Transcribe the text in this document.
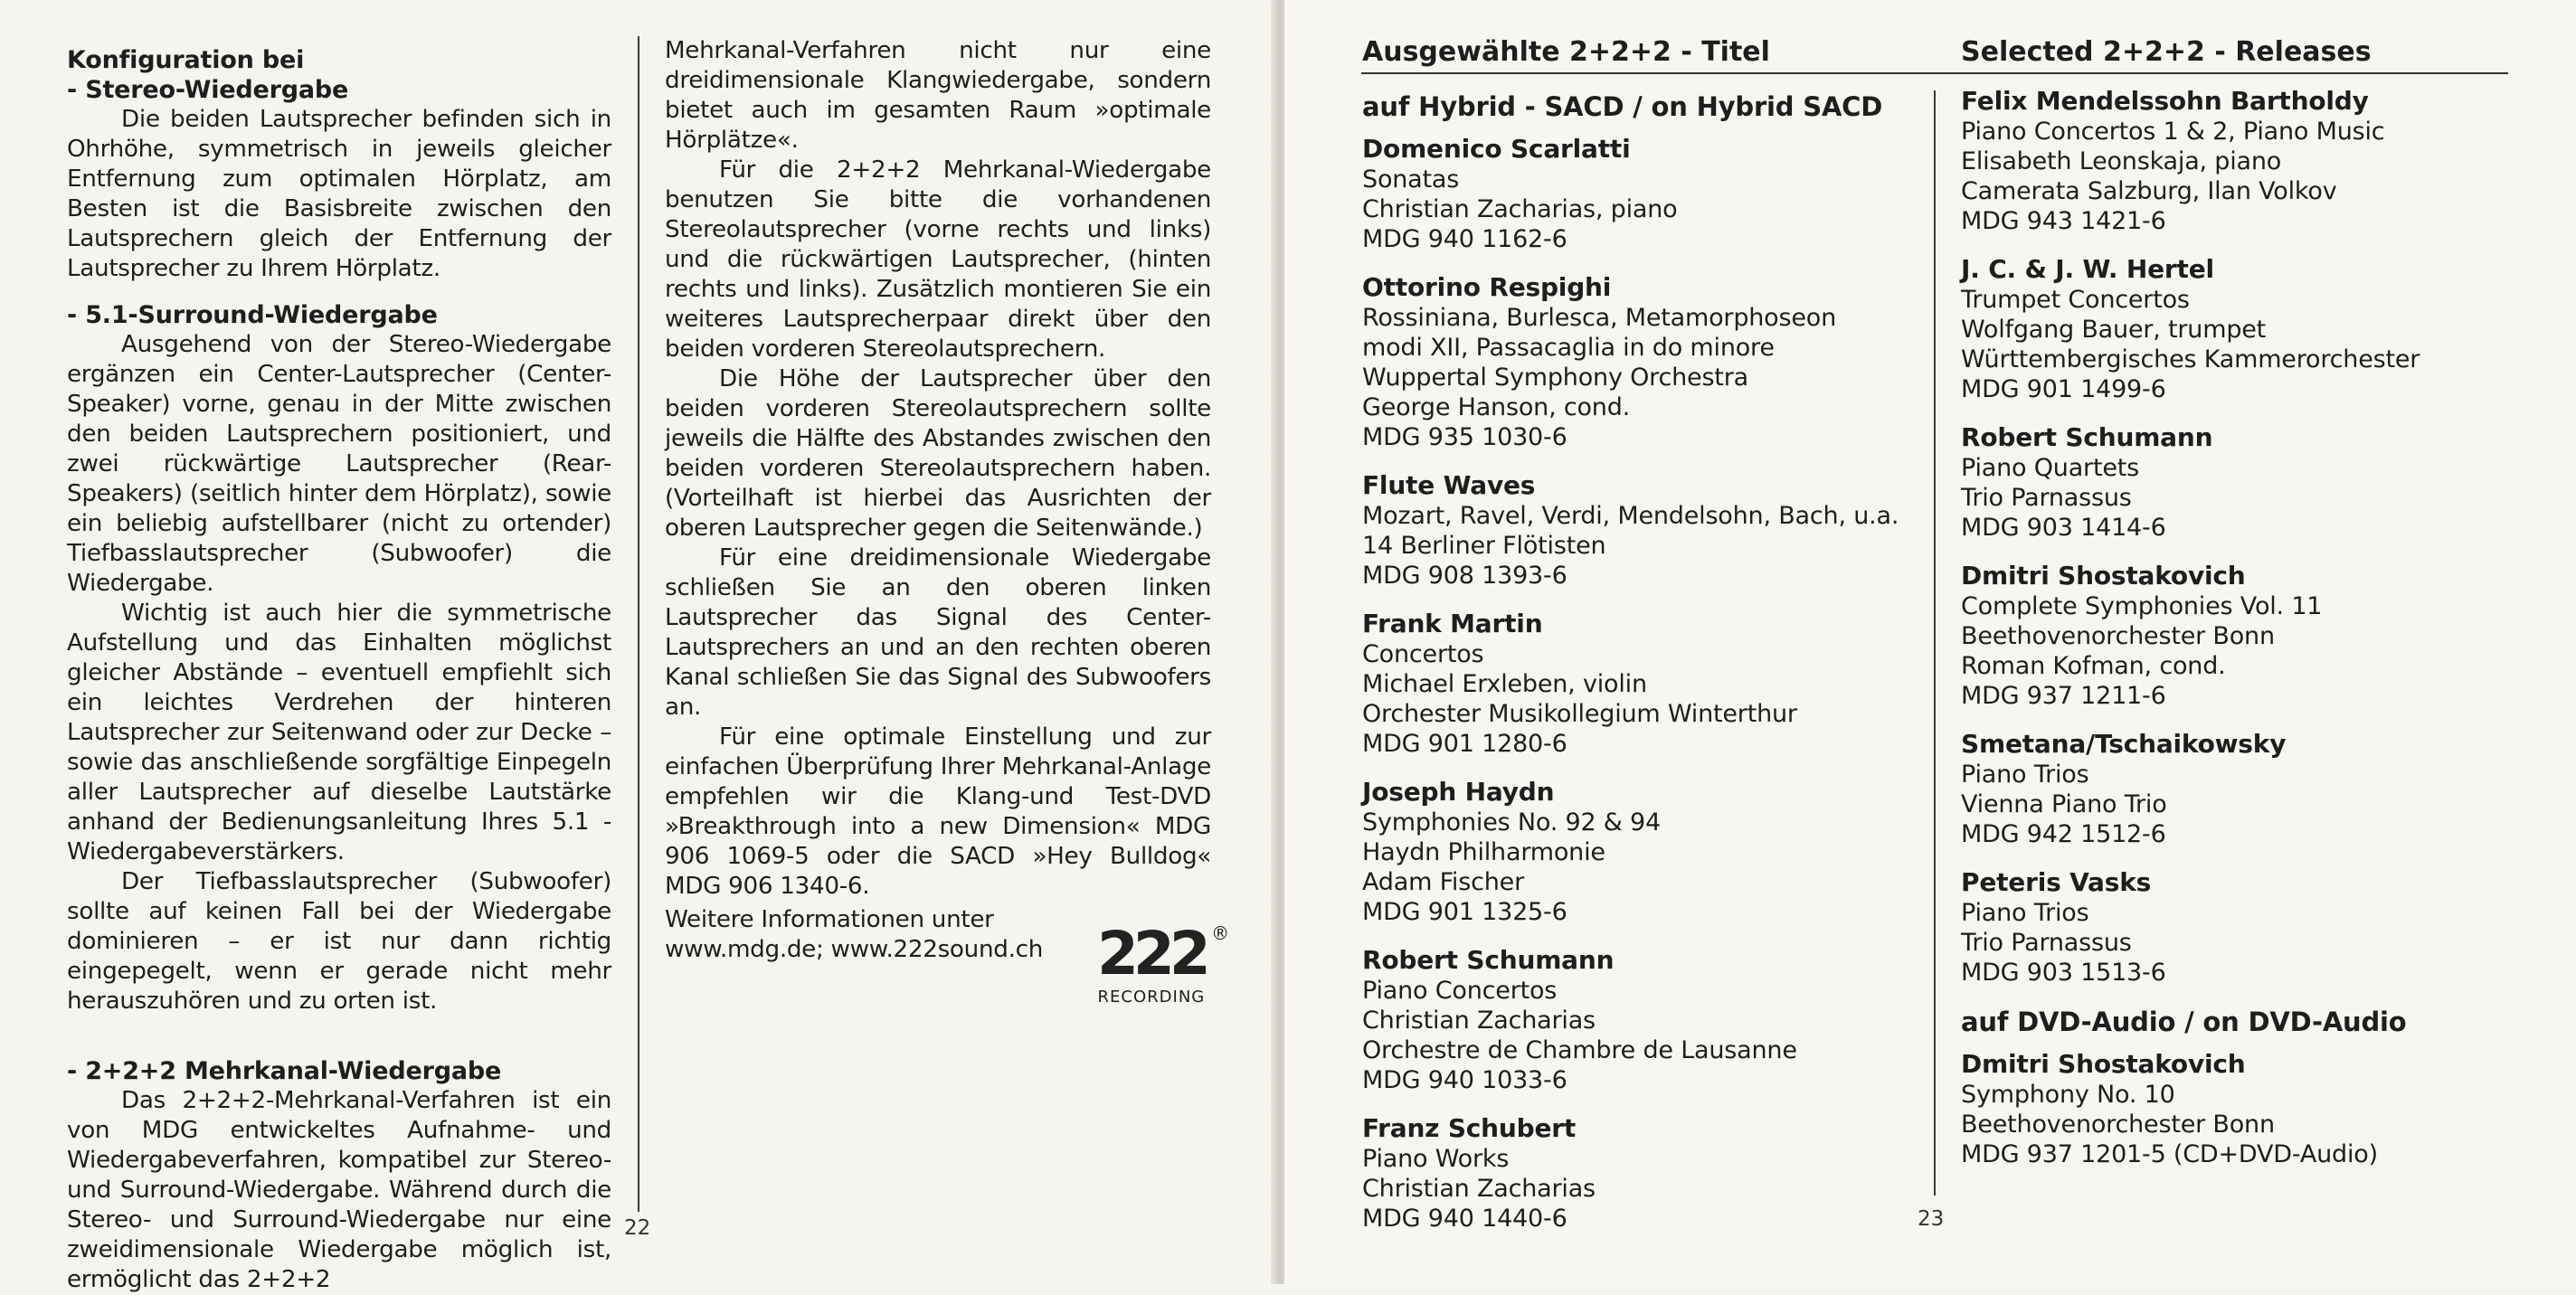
Konfiguration bei
- Stereo-Wiedergabe

Die beiden Lautsprecher befinden sich in Ohrhöhe, symmetrisch in jeweils gleicher Entfernung zum optimalen Hörplatz, am Besten ist die Basisbreite zwischen den Lautsprechern gleich der Entfernung der Lautsprecher zu Ihrem Hörplatz.

- 5.1-Surround-Wiedergabe

Ausgehend von der Stereo-Wiedergabe ergänzen ein Center-Lautsprecher (Center-Speaker) vorne, genau in der Mitte zwischen den beiden Lautsprechern positioniert, und zwei rückwärtige Lautsprecher (Rear-Speakers) (seitlich hinter dem Hörplatz), sowie ein beliebig aufstellbarer (nicht zu ortender) Tiefbasslautsprecher (Subwoofer) die Wiedergabe.

Wichtig ist auch hier die symmetrische Aufstellung und das Einhalten möglichst gleicher Abstände – eventuell empfiehlt sich ein leichtes Verdrehen der hinteren Lautsprecher zur Seitenwand oder zur Decke – sowie das anschließende sorgfältige Einpegeln aller Lautsprecher auf dieselbe Lautstärke anhand der Bedienungsanleitung Ihres 5.1 - Wiedergabeverstärkers.

Der Tiefbasslautsprecher (Subwoofer) sollte auf keinen Fall bei der Wiedergabe dominieren – er ist nur dann richtig eingepegelt, wenn er gerade nicht mehr herauszuhören und zu orten ist.

- 2+2+2 Mehrkanal-Wiedergabe

Das 2+2+2-Mehrkanal-Verfahren ist ein von MDG entwickeltes Aufnahme- und Wiedergabeverfahren, kompatibel zur Stereo- und Surround-Wiedergabe. Während durch die Stereo- und Surround-Wiedergabe nur eine zweidimensionale Wiedergabe möglich ist, ermöglicht das 2+2+2

Mehrkanal-Verfahren nicht nur eine dreidimensionale Klangwiedergabe, sondern bietet auch im gesamten Raum »optimale Hörplätze«.

Für die 2+2+2 Mehrkanal-Wiedergabe benutzen Sie bitte die vorhandenen Stereolautsprecher (vorne rechts und links) und die rückwärtigen Lautsprecher, (hinten rechts und links). Zusätzlich montieren Sie ein weiteres Lautsprecherpaar direkt über den beiden vorderen Stereolautsprechern.

Die Höhe der Lautsprecher über den beiden vorderen Stereolautsprechern sollte jeweils die Hälfte des Abstandes zwischen den beiden vorderen Stereolautsprechern haben. (Vorteilhaft ist hierbei das Ausrichten der oberen Lautsprecher gegen die Seitenwände.)

Für eine dreidimensionale Wiedergabe schließen Sie an den oberen linken Lautsprecher das Signal des Center-Lautsprechers an und an den rechten oberen Kanal schließen Sie das Signal des Subwoofers an.

Für eine optimale Einstellung und zur einfachen Überprüfung Ihrer Mehrkanal-Anlage empfehlen wir die Klang-und Test-DVD »Breakthrough into a new Dimension« MDG 906 1069-5 oder die SACD »Hey Bulldog« MDG 906 1340-6.

Weitere Informationen unter
www.mdg.de; www.222sound.ch 222 ®
RECORDING
22
Ausgewählte 2+2+2 - Titel	Selected 2+2+2 - Releases
auf Hybrid - SACD / on Hybrid SACD
Domenico Scarlatti
Sonatas
Christian Zacharias, piano
MDG 940 1162-6
Ottorino Respighi
Rossiniana, Burlesca, Metamorphoseon
modi XII, Passacaglia in do minore
Wuppertal Symphony Orchestra
George Hanson, cond.
MDG 935 1030-6
Flute Waves
Mozart, Ravel, Verdi, Mendelsohn, Bach, u.a.
14 Berliner Flötisten
MDG 908 1393-6
Frank Martin
Concertos
Michael Erxleben, violin
Orchester Musikollegium Winterthur
MDG 901 1280-6
Joseph Haydn
Symphonies No. 92 & 94
Haydn Philharmonie
Adam Fischer
MDG 901 1325-6
Robert Schumann
Piano Concertos
Christian Zacharias
Orchestre de Chambre de Lausanne
MDG 940 1033-6
Franz Schubert
Piano Works
Christian Zacharias
MDG 940 1440-6
Felix Mendelssohn Bartholdy
Piano Concertos 1 & 2, Piano Music
Elisabeth Leonskaja, piano
Camerata Salzburg, Ilan Volkov
MDG 943 1421-6
J. C. & J. W. Hertel
Trumpet Concertos
Wolfgang Bauer, trumpet
Württembergisches Kammerorchester
MDG 901 1499-6
Robert Schumann
Piano Quartets
Trio Parnassus
MDG 903 1414-6
Dmitri Shostakovich
Complete Symphonies Vol. 11
Beethovenorchester Bonn
Roman Kofman, cond.
MDG 937 1211-6
Smetana/Tschaikowsky
Piano Trios
Vienna Piano Trio
MDG 942 1512-6
Peteris Vasks
Piano Trios
Trio Parnassus
MDG 903 1513-6
auf DVD-Audio / on DVD-Audio
Dmitri Shostakovich
Symphony No. 10
Beethovenorchester Bonn
MDG 937 1201-5 (CD+DVD-Audio)
23
